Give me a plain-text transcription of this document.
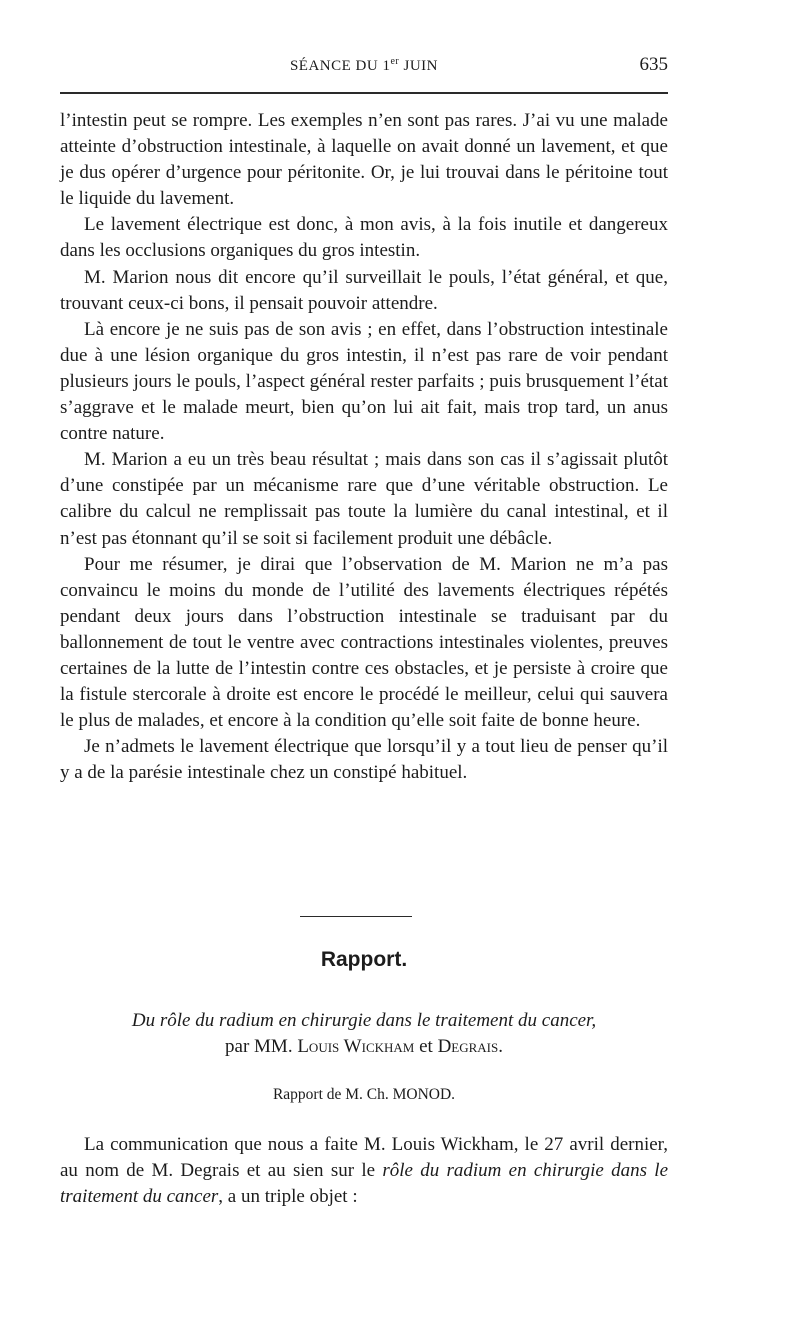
SÉANCE DU 1er JUIN	635

l’intestin peut se rompre. Les exemples n’en sont pas rares. J’ai vu une malade atteinte d’obstruction intestinale, à laquelle on avait donné un lavement, et que je dus opérer d’urgence pour péritonite. Or, je lui trouvai dans le péritoine tout le liquide du lavement.

Le lavement électrique est donc, à mon avis, à la fois inutile et dangereux dans les occlusions organiques du gros intestin.

M. Marion nous dit encore qu’il surveillait le pouls, l’état général, et que, trouvant ceux-ci bons, il pensait pouvoir attendre.

Là encore je ne suis pas de son avis ; en effet, dans l’obstruction intestinale due à une lésion organique du gros intestin, il n’est pas rare de voir pendant plusieurs jours le pouls, l’aspect général rester parfaits ; puis brusquement l’état s’aggrave et le malade meurt, bien qu’on lui ait fait, mais trop tard, un anus contre nature.

M. Marion a eu un très beau résultat ; mais dans son cas il s’agissait plutôt d’une constipée par un mécanisme rare que d’une véritable obstruction. Le calibre du calcul ne remplissait pas toute la lumière du canal intestinal, et il n’est pas étonnant qu’il se soit si facilement produit une débâcle.

Pour me résumer, je dirai que l’observation de M. Marion ne m’a pas convaincu le moins du monde de l’utilité des lavements électriques répétés pendant deux jours dans l’obstruction intestinale se traduisant par du ballonnement de tout le ventre avec contractions intestinales violentes, preuves certaines de la lutte de l’intestin contre ces obstacles, et je persiste à croire que la fistule stercorale à droite est encore le procédé le meilleur, celui qui sauvera le plus de malades, et encore à la condition qu’elle soit faite de bonne heure.

Je n’admets le lavement électrique que lorsqu’il y a tout lieu de penser qu’il y a de la parésie intestinale chez un constipé habituel.

Rapport.
Du rôle du radium en chirurgie dans le traitement du cancer,
par MM. Louis Wickham et Degrais.
Rapport de M. Ch. MONOD.

La communication que nous a faite M. Louis Wickham, le 27 avril dernier, au nom de M. Degrais et au sien sur le rôle du radium en chirurgie dans le traitement du cancer, a un triple objet :
